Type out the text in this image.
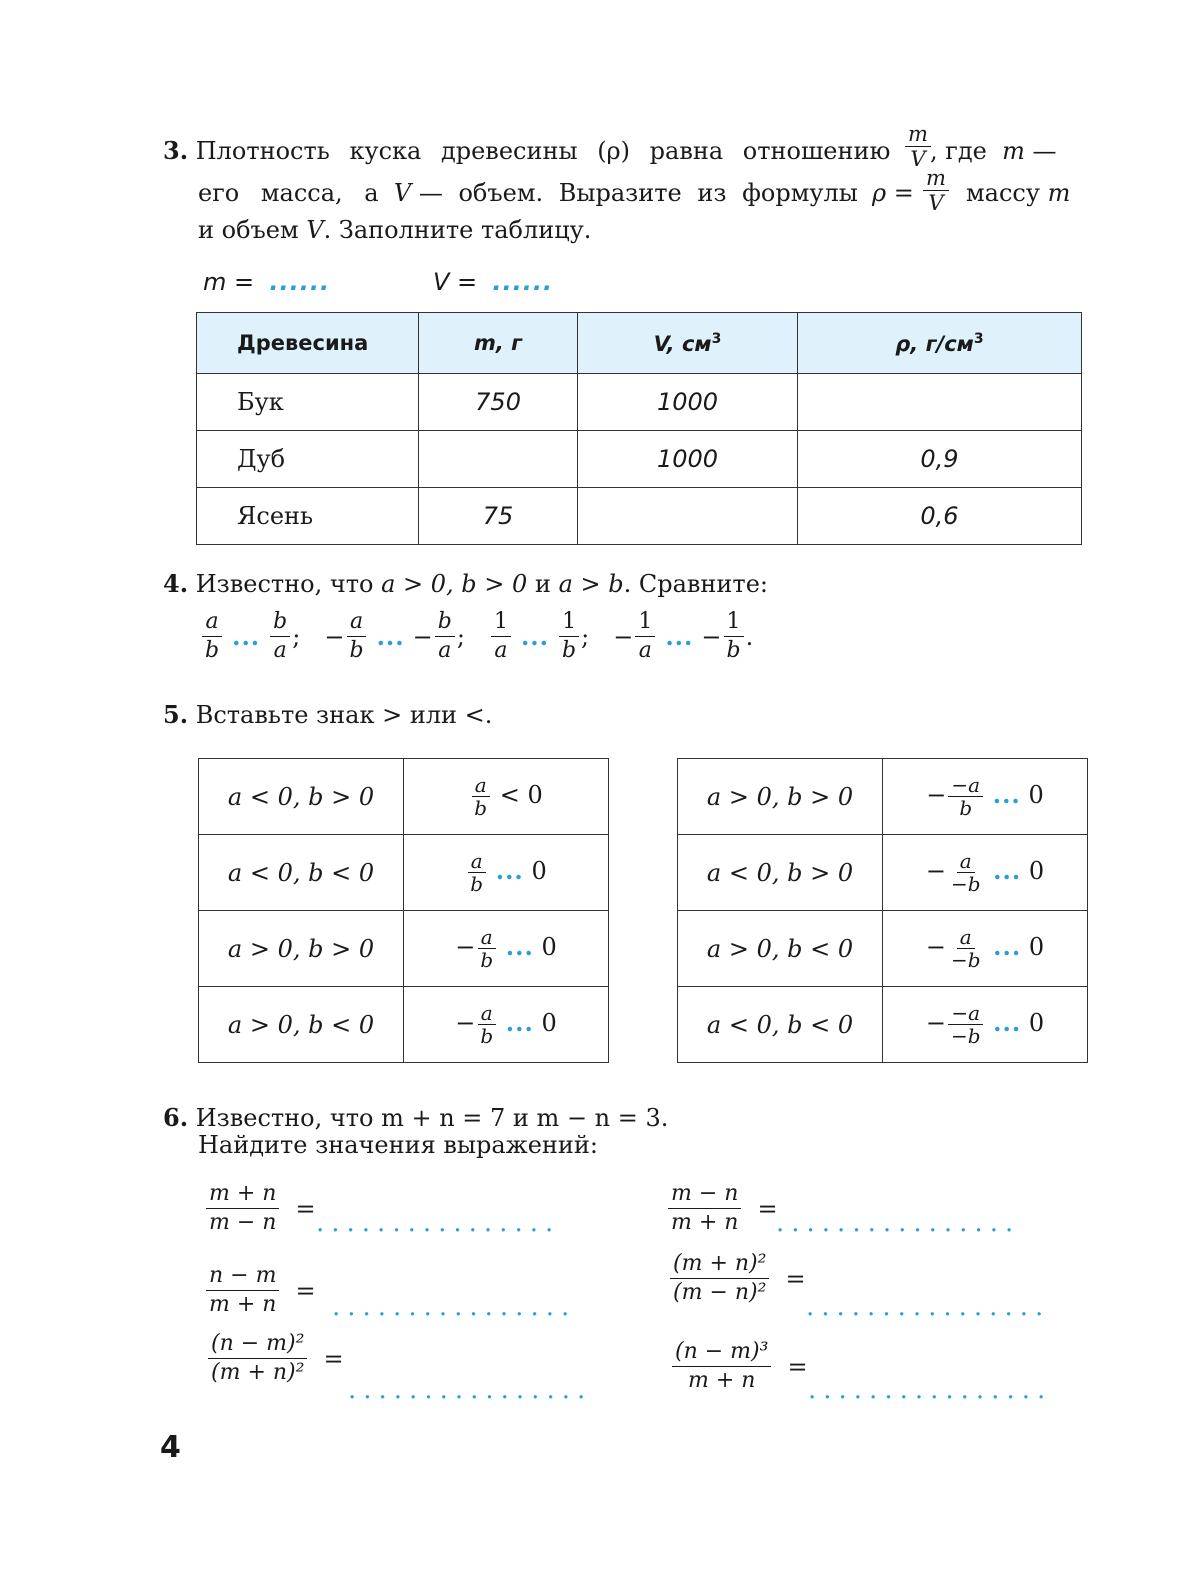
3. Плотность куска древесины (ρ) равна отношению $\frac{m}{V}$ , где m —
его масса, а V — объем. Выразите из формулы $\rho = \frac{m}{V}$ массу m
и объем V. Заполните таблицу.
m = ......	V = ......
Древесина	m, г	V, $см^3$	ρ, $г/см^3$
Бук	750	1000	
Дуб		1000	0,9
Ясень	75		0,6
4. Известно, что a > 0, b > 0 и a > b. Сравните:
$\frac{a}{b}$ ... $\frac{b}{a}$ ; − $\frac{a}{b}$ ... − $\frac{b}{a}$ ; $\frac{1}{a}$ ... $\frac{1}{b}$ ; − $\frac{1}{a}$ ... − $\frac{1}{b}$ .
5. Вставьте знак > или <.
a < 0, b > 0	$\frac{a}{b} < 0$
a < 0, b < 0	$\frac{a}{b}$ ... 0
a > 0, b > 0	− $\frac{a}{b}$ ... 0
a > 0, b < 0	− $\frac{a}{b}$ ... 0
a > 0, b > 0	− $\frac{-a}{b}$ ... 0
a < 0, b > 0	− $\frac{a}{-b}$ ... 0
a > 0, b < 0	− $\frac{a}{-b}$ ... 0
a < 0, b < 0	− $\frac{-a}{-b}$ ... 0
6. Известно, что m + n = 7 и m − n = 3.
Найдите значения выражений:
$\frac{m + n}{m - n}$ = ................	$\frac{m - n}{m + n}$ =
................
$\frac{n - m}{m + n}$ =
................	$\frac{\text{(m + n)²}}{\text{(m − n)²}}$ =
................
$\frac{\text{(n − m)²}}{\text{(m + n)²}}$ =
................	$\frac{\text{(n − m)³}}{m + n}$ =
................
4
